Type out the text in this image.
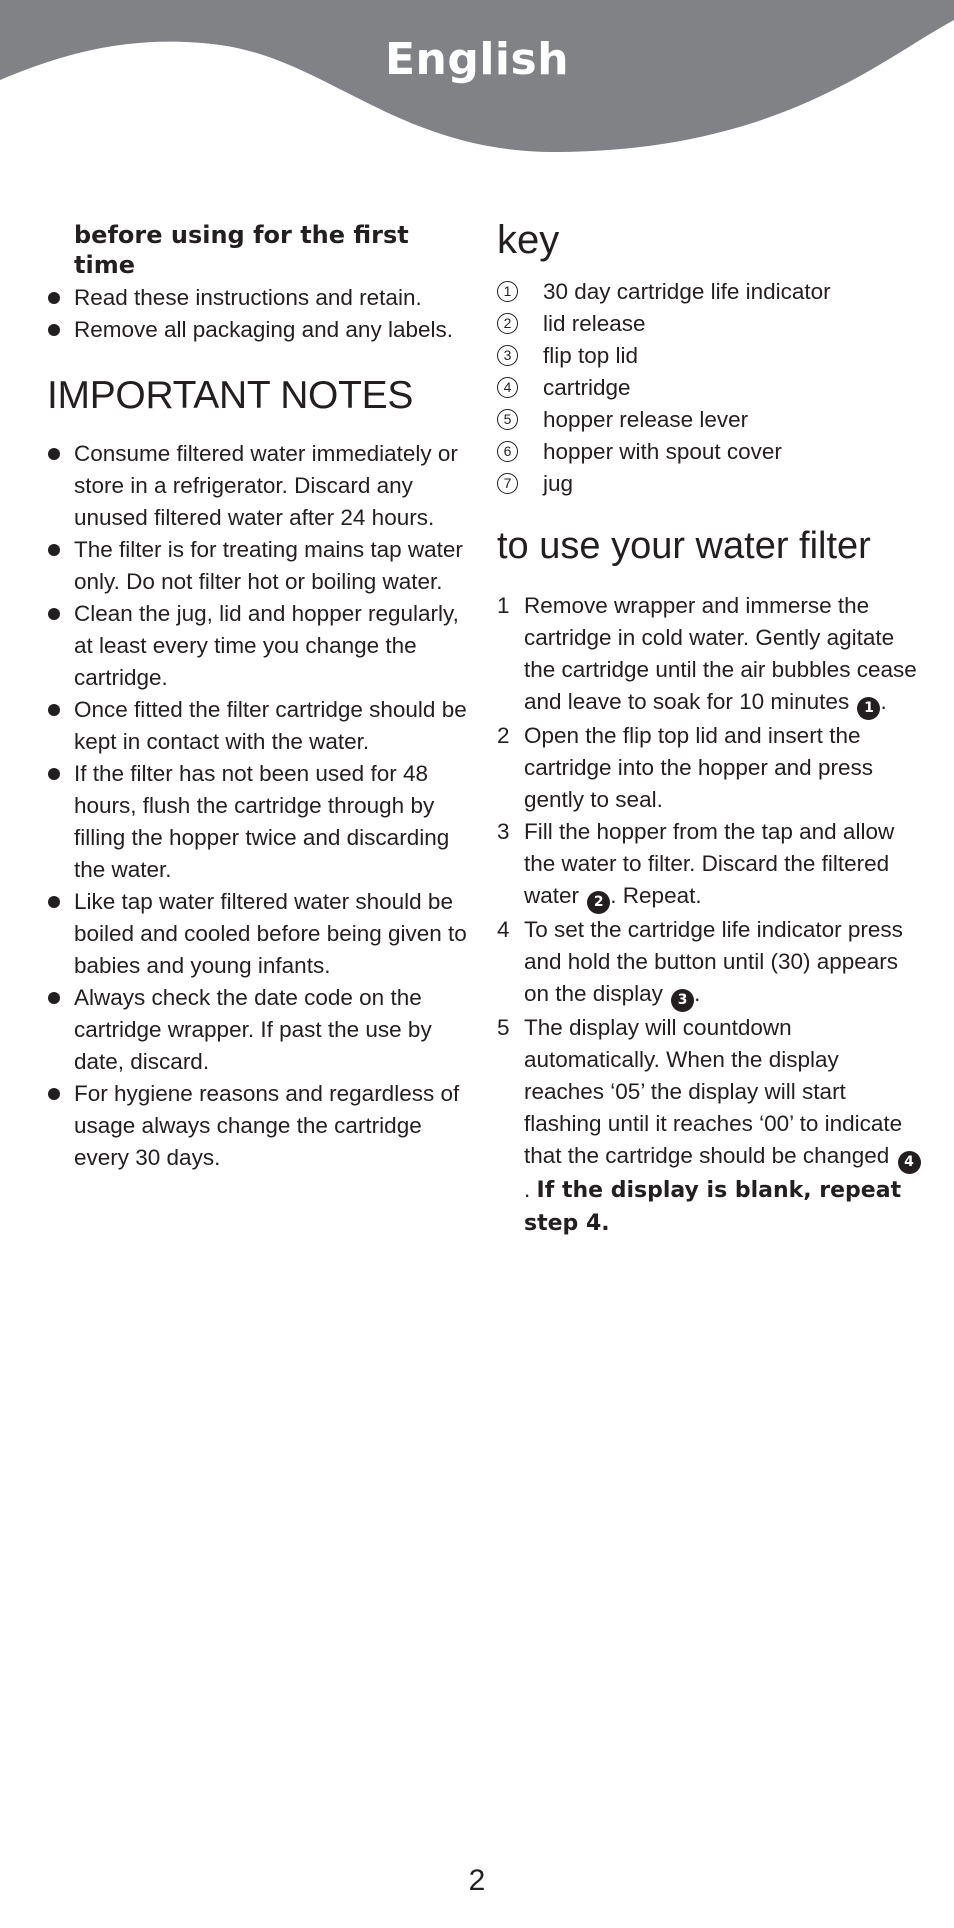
English
before using for the first time
Read these instructions and retain.
Remove all packaging and any labels.
IMPORTANT NOTES
Consume filtered water immediately or store in a refrigerator. Discard any unused filtered water after 24 hours.
The filter is for treating mains tap water only. Do not filter hot or boiling water.
Clean the jug, lid and hopper regularly, at least every time you change the cartridge.
Once fitted the filter cartridge should be kept in contact with the water.
If the filter has not been used for 48 hours, flush the cartridge through by filling the hopper twice and discarding the water.
Like tap water filtered water should be boiled and cooled before being given to babies and young infants.
Always check the date code on the cartridge wrapper. If past the use by date, discard.
For hygiene reasons and regardless of usage always change the cartridge every 30 days.
key
1 30 day cartridge life indicator
2 lid release
3 flip top lid
4 cartridge
5 hopper release lever
6 hopper with spout cover
7 jug
to use your water filter
1 Remove wrapper and immerse the cartridge in cold water. Gently agitate the cartridge until the air bubbles cease and leave to soak for 10 minutes 1 .
2 Open the flip top lid and insert the cartridge into the hopper and press gently to seal.
3 Fill the hopper from the tap and allow the water to filter. Discard the filtered water 2 . Repeat.
4 To set the cartridge life indicator press and hold the button until (30) appears on the display 3 .
5 The display will countdown automatically. When the display reaches ‘05’ the display will start flashing until it reaches ‘00’ to indicate that the cartridge should be changed 4. If the display is blank, repeat step 4.
2
